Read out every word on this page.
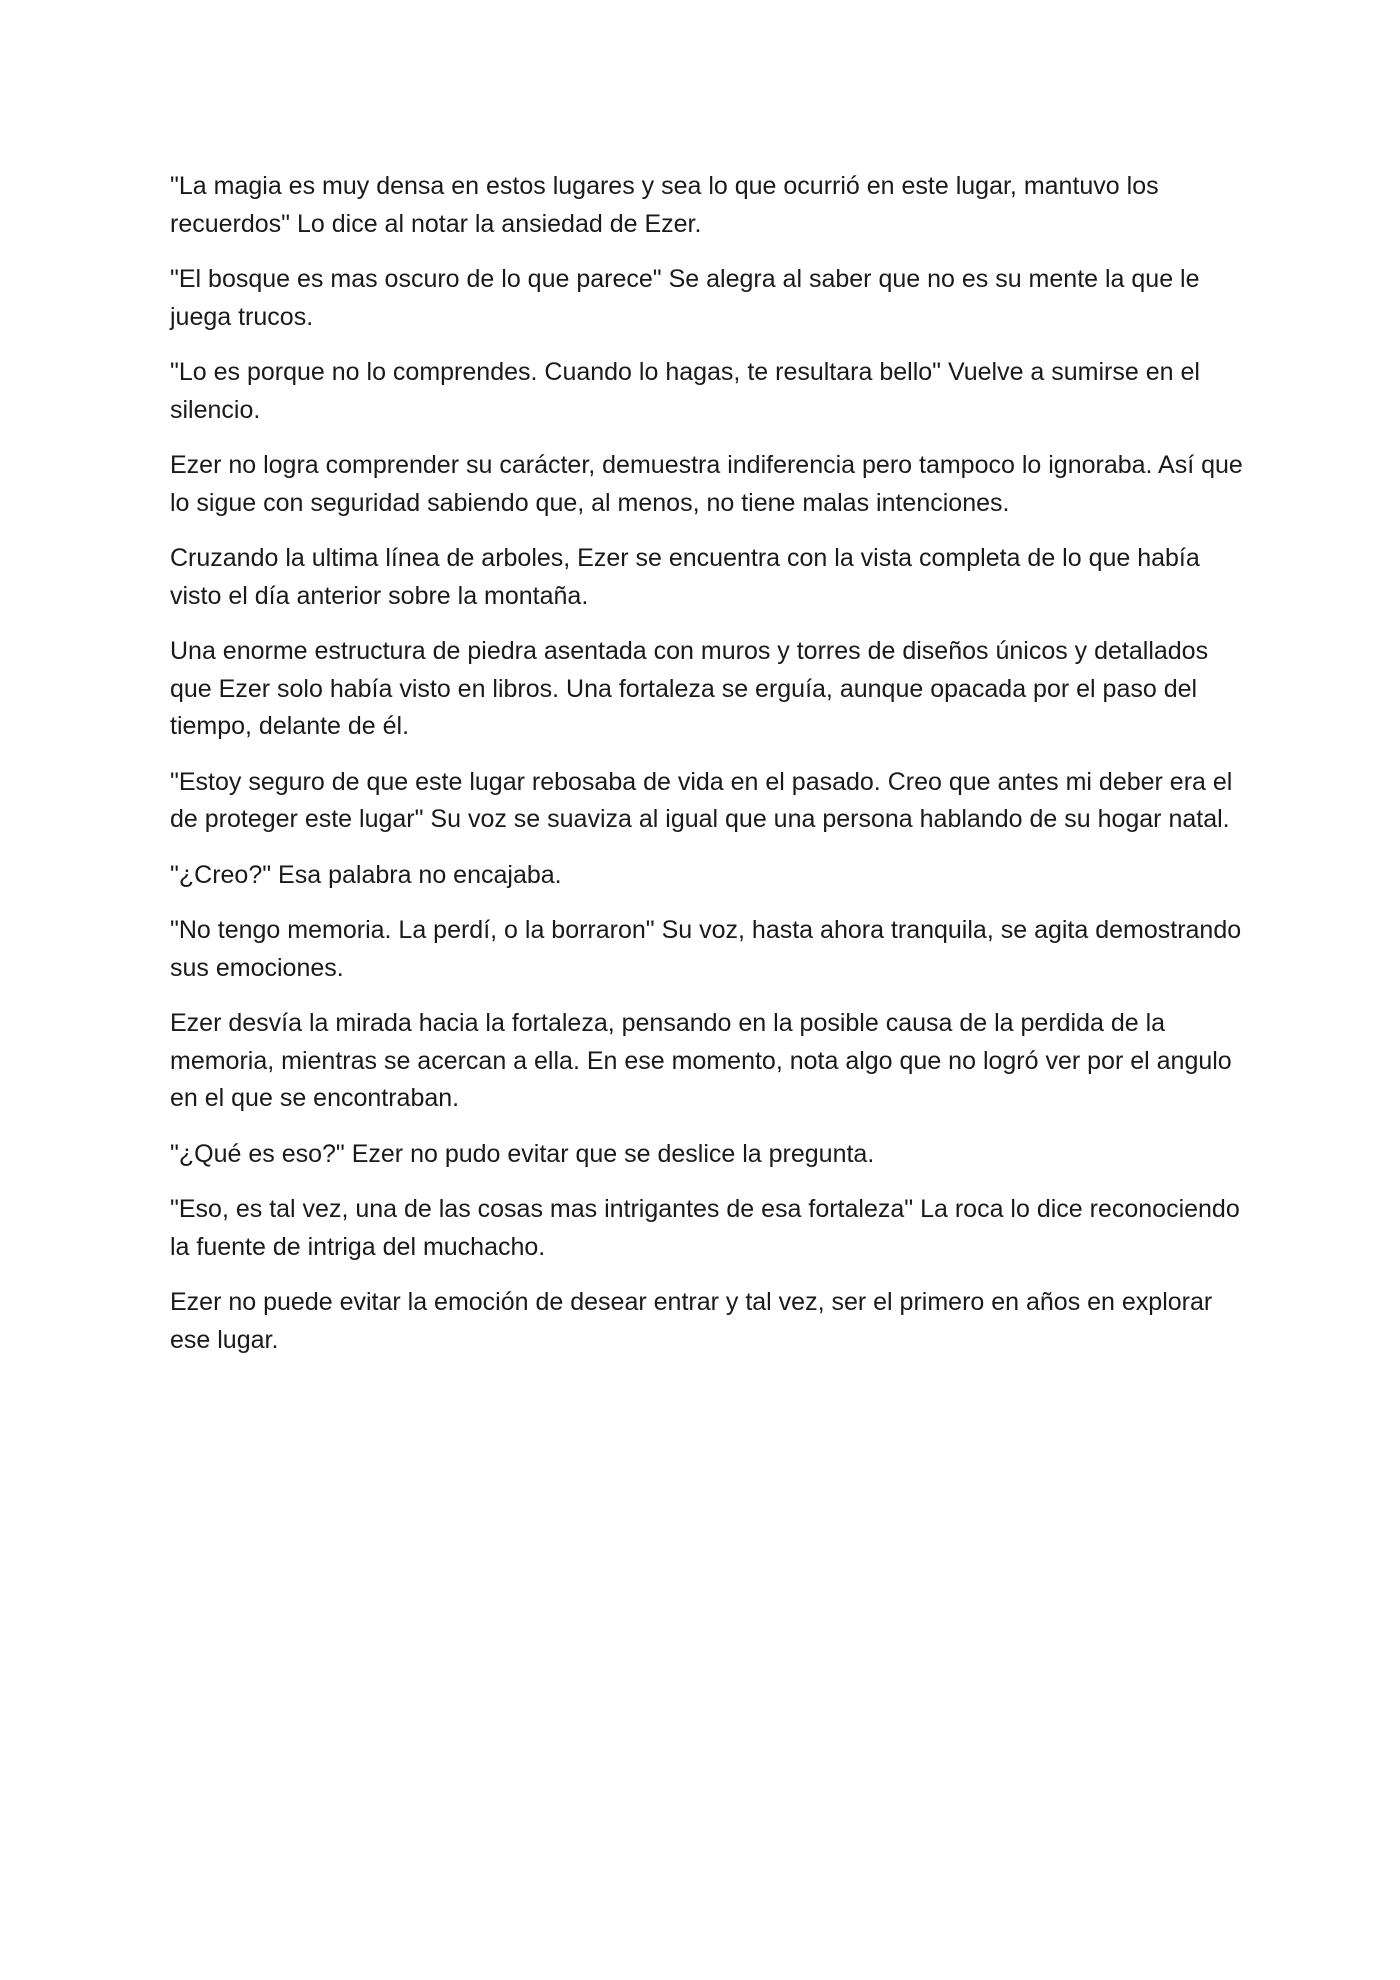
"La magia es muy densa en estos lugares y sea lo que ocurrió en este lugar, mantuvo los recuerdos" Lo dice al notar la ansiedad de Ezer.

"El bosque es mas oscuro de lo que parece" Se alegra al saber que no es su mente la que le juega trucos.

"Lo es porque no lo comprendes. Cuando lo hagas, te resultara bello" Vuelve a sumirse en el silencio.

Ezer no logra comprender su carácter, demuestra indiferencia pero tampoco lo ignoraba. Así que lo sigue con seguridad sabiendo que, al menos, no tiene malas intenciones.

Cruzando la ultima línea de arboles, Ezer se encuentra con la vista completa de lo que había visto el día anterior sobre la montaña.

Una enorme estructura de piedra asentada con muros y torres de diseños únicos y detallados que Ezer solo había visto en libros. Una fortaleza se erguía, aunque opacada por el paso del tiempo, delante de él.

"Estoy seguro de que este lugar rebosaba de vida en el pasado. Creo que antes mi deber era el de proteger este lugar" Su voz se suaviza al igual que una persona hablando de su hogar natal.

"¿Creo?" Esa palabra no encajaba.

"No tengo memoria. La perdí, o la borraron" Su voz, hasta ahora tranquila, se agita demostrando sus emociones.

Ezer desvía la mirada hacia la fortaleza, pensando en la posible causa de la perdida de la memoria, mientras se acercan a ella. En ese momento, nota algo que no logró ver por el angulo en el que se encontraban.

"¿Qué es eso?" Ezer no pudo evitar que se deslice la pregunta.

"Eso, es tal vez, una de las cosas mas intrigantes de esa fortaleza" La roca lo dice reconociendo la fuente de intriga del muchacho.

Ezer no puede evitar la emoción de desear entrar y tal vez, ser el primero en años en explorar ese lugar.
